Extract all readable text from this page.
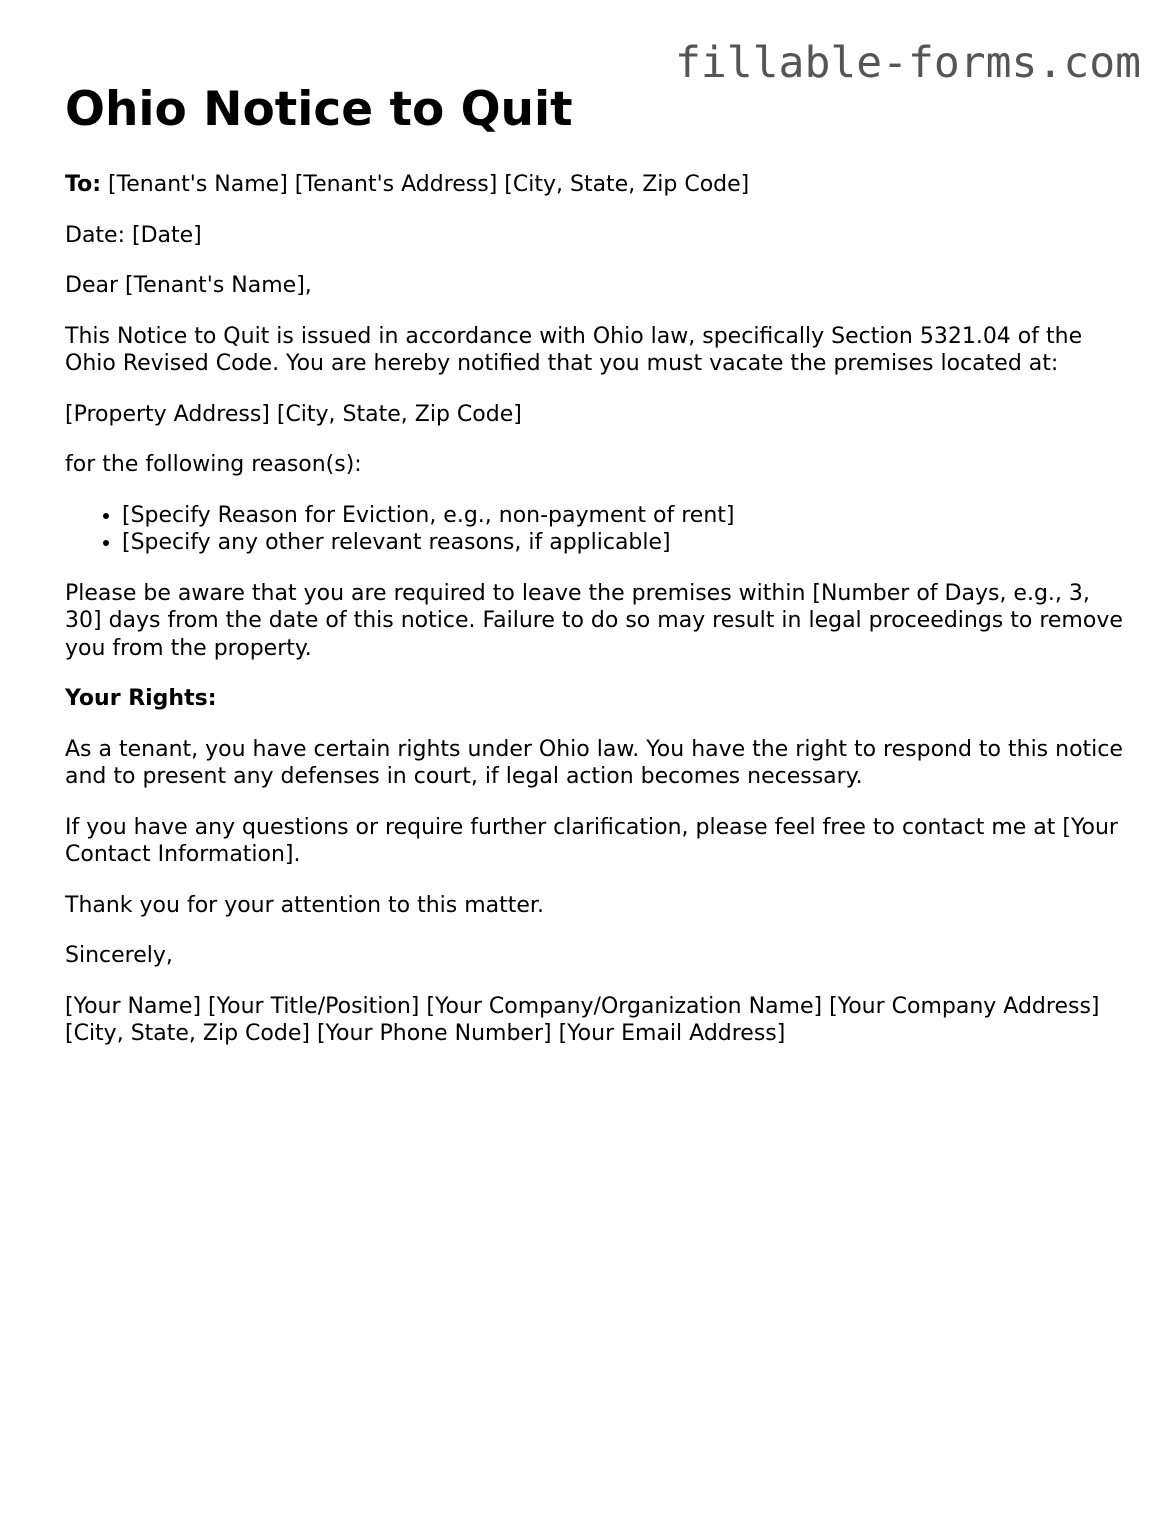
fillable-forms.com
Ohio Notice to Quit

To: [Tenant's Name] [Tenant's Address] [City, State, Zip Code]

Date: [Date]

Dear [Tenant's Name],

This Notice to Quit is issued in accordance with Ohio law, specifically Section 5321.04 of the Ohio Revised Code. You are hereby notified that you must vacate the premises located at:

[Property Address] [City, State, Zip Code]

for the following reason(s):

• [Specify Reason for Eviction, e.g., non-payment of rent]
• [Specify any other relevant reasons, if applicable]

Please be aware that you are required to leave the premises within [Number of Days, e.g., 3, 30] days from the date of this notice. Failure to do so may result in legal proceedings to remove you from the property.

Your Rights:

As a tenant, you have certain rights under Ohio law. You have the right to respond to this notice and to present any defenses in court, if legal action becomes necessary.

If you have any questions or require further clarification, please feel free to contact me at [Your Contact Information].

Thank you for your attention to this matter.

Sincerely,

[Your Name] [Your Title/Position] [Your Company/Organization Name] [Your Company Address] [City, State, Zip Code] [Your Phone Number] [Your Email Address]
